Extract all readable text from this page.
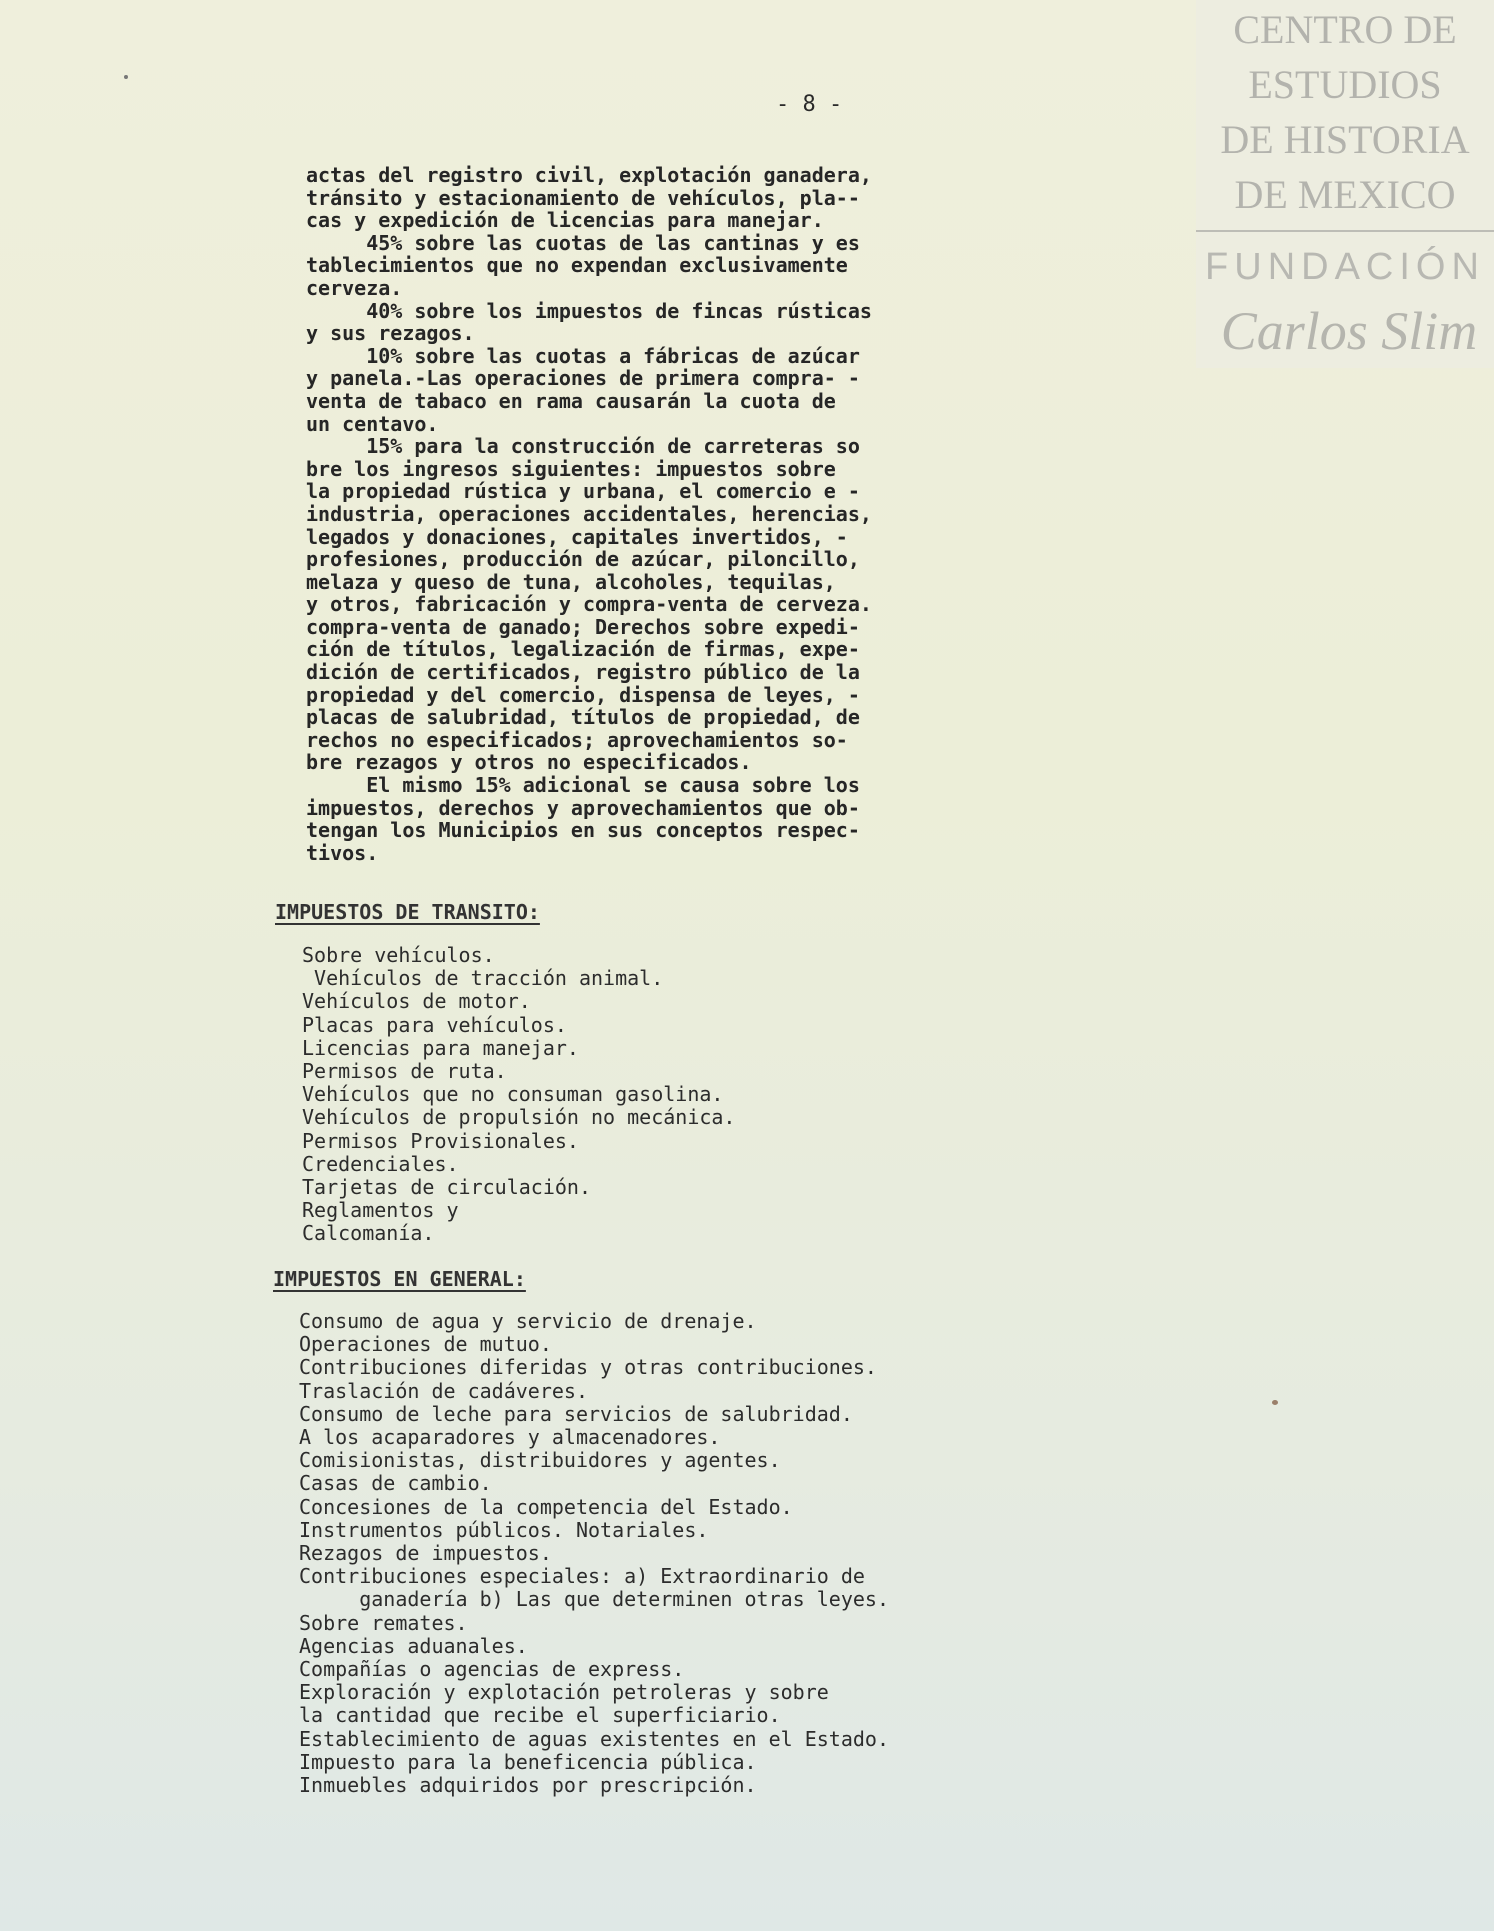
CENTRO DE
ESTUDIOS
DE HISTORIA
DE MEXICO
FUNDACIÓN
Carlos Slim
- 8 -

actas del registro civil, explotación ganadera,

tránsito y estacionamiento de vehículos, pla--

cas y expedición de licencias para manejar.

45% sobre las cuotas de las cantinas y es

tablecimientos que no expendan exclusivamente

cerveza.

40% sobre los impuestos de fincas rústicas

y sus rezagos.

10% sobre las cuotas a fábricas de azúcar

y panela.-Las operaciones de primera compra- -

venta de tabaco en rama causarán la cuota de

un centavo.

15% para la construcción de carreteras so

bre los ingresos siguientes: impuestos sobre

la propiedad rústica y urbana, el comercio e -

industria, operaciones accidentales, herencias,

legados y donaciones, capitales invertidos, -

profesiones, producción de azúcar, piloncillo,

melaza y queso de tuna, alcoholes, tequilas,

y otros, fabricación y compra-venta de cerveza.

compra-venta de ganado; Derechos sobre expedi-

ción de títulos, legalización de firmas, expe-

dición de certificados, registro público de la

propiedad y del comercio, dispensa de leyes, -

placas de salubridad, títulos de propiedad, de

rechos no especificados; aprovechamientos so-

bre rezagos y otros no especificados.

El mismo 15% adicional se causa sobre los

impuestos, derechos y aprovechamientos que ob-

tengan los Municipios en sus conceptos respec-

tivos.

IMPUESTOS DE TRANSITO:

Sobre vehículos.

Vehículos de tracción animal.

Vehículos de motor.

Placas para vehículos.

Licencias para manejar.

Permisos de ruta.

Vehículos que no consuman gasolina.

Vehículos de propulsión no mecánica.

Permisos Provisionales.

Credenciales.

Tarjetas de circulación.

Reglamentos y

Calcomanía.

IMPUESTOS EN GENERAL:

Consumo de agua y servicio de drenaje.

Operaciones de mutuo.

Contribuciones diferidas y otras contribuciones.

Traslación de cadáveres.

Consumo de leche para servicios de salubridad.

A los acaparadores y almacenadores.

Comisionistas, distribuidores y agentes.

Casas de cambio.

Concesiones de la competencia del Estado.

Instrumentos públicos. Notariales.

Rezagos de impuestos.

Contribuciones especiales: a) Extraordinario de

ganadería b) Las que determinen otras leyes.

Sobre remates.

Agencias aduanales.

Compañías o agencias de express.

Exploración y explotación petroleras y sobre

la cantidad que recibe el superficiario.

Establecimiento de aguas existentes en el Estado.

Impuesto para la beneficencia pública.

Inmuebles adquiridos por prescripción.
